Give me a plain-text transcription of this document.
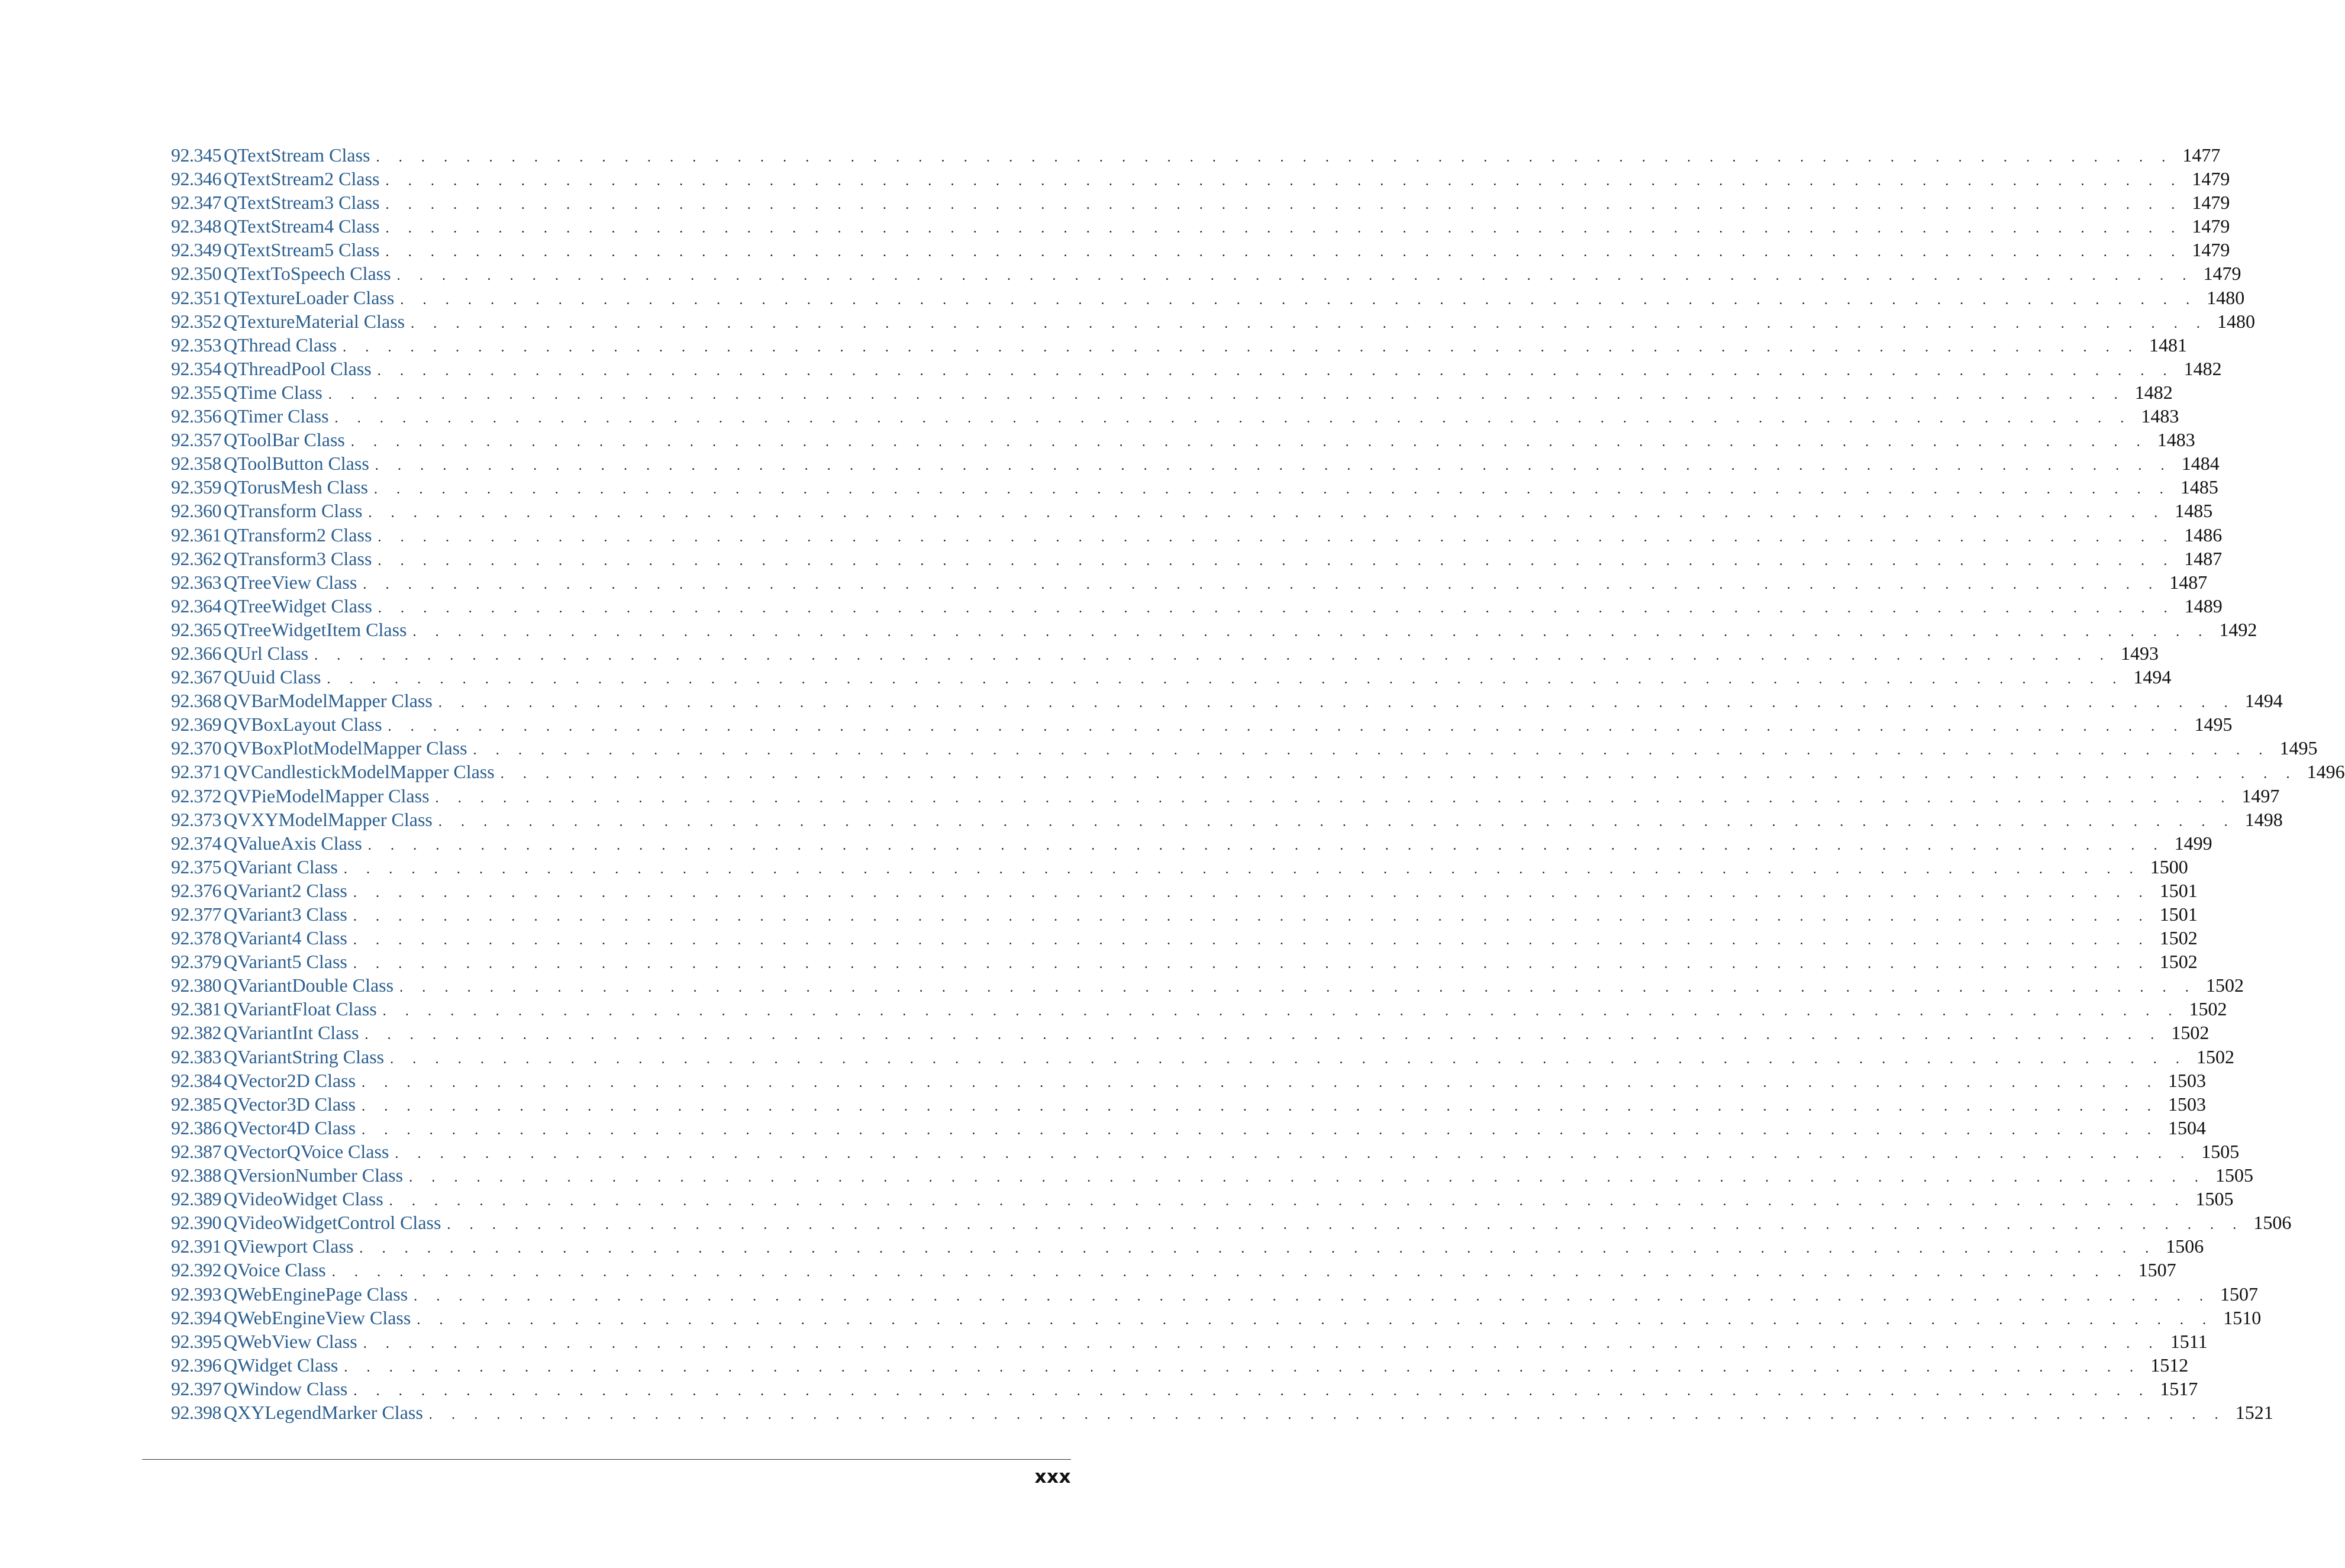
92.345 QTextStream Class . . . . . . . . . . . . . . . . . . . . . . . . . . . . . . . . . . . . . . . . . . . . . . . . . . . . . . . . . . . . . . . . . . . . . . . . . . . . . . . . 1477
92.346 QTextStream2 Class . . . . . . . . . . . . . . . . . . . . . . . . . . . . . . . . . . . . . . . . . . . . . . . . . . . . . . . . . . . . . . . . . . . . . . . . . . . . . . . . 1479
92.347 QTextStream3 Class . . . . . . . . . . . . . . . . . . . . . . . . . . . . . . . . . . . . . . . . . . . . . . . . . . . . . . . . . . . . . . . . . . . . . . . . . . . . . . . . 1479
92.348 QTextStream4 Class . . . . . . . . . . . . . . . . . . . . . . . . . . . . . . . . . . . . . . . . . . . . . . . . . . . . . . . . . . . . . . . . . . . . . . . . . . . . . . . . 1479
92.349 QTextStream5 Class . . . . . . . . . . . . . . . . . . . . . . . . . . . . . . . . . . . . . . . . . . . . . . . . . . . . . . . . . . . . . . . . . . . . . . . . . . . . . . . . 1479
92.350 QTextToSpeech Class . . . . . . . . . . . . . . . . . . . . . . . . . . . . . . . . . . . . . . . . . . . . . . . . . . . . . . . . . . . . . . . . . . . . . . . . . . . . . . . . 1479
92.351 QTextureLoader Class . . . . . . . . . . . . . . . . . . . . . . . . . . . . . . . . . . . . . . . . . . . . . . . . . . . . . . . . . . . . . . . . . . . . . . . . . . . . . . . . 1480
92.352 QTextureMaterial Class . . . . . . . . . . . . . . . . . . . . . . . . . . . . . . . . . . . . . . . . . . . . . . . . . . . . . . . . . . . . . . . . . . . . . . . . . . . . . . . . 1480
92.353 QThread Class . . . . . . . . . . . . . . . . . . . . . . . . . . . . . . . . . . . . . . . . . . . . . . . . . . . . . . . . . . . . . . . . . . . . . . . . . . . . . . . . 1481
92.354 QThreadPool Class . . . . . . . . . . . . . . . . . . . . . . . . . . . . . . . . . . . . . . . . . . . . . . . . . . . . . . . . . . . . . . . . . . . . . . . . . . . . . . . . 1482
92.355 QTime Class . . . . . . . . . . . . . . . . . . . . . . . . . . . . . . . . . . . . . . . . . . . . . . . . . . . . . . . . . . . . . . . . . . . . . . . . . . . . . . . . 1482
92.356 QTimer Class . . . . . . . . . . . . . . . . . . . . . . . . . . . . . . . . . . . . . . . . . . . . . . . . . . . . . . . . . . . . . . . . . . . . . . . . . . . . . . . . 1483
92.357 QToolBar Class . . . . . . . . . . . . . . . . . . . . . . . . . . . . . . . . . . . . . . . . . . . . . . . . . . . . . . . . . . . . . . . . . . . . . . . . . . . . . . . . 1483
92.358 QToolButton Class . . . . . . . . . . . . . . . . . . . . . . . . . . . . . . . . . . . . . . . . . . . . . . . . . . . . . . . . . . . . . . . . . . . . . . . . . . . . . . . . 1484
92.359 QTorusMesh Class . . . . . . . . . . . . . . . . . . . . . . . . . . . . . . . . . . . . . . . . . . . . . . . . . . . . . . . . . . . . . . . . . . . . . . . . . . . . . . . . 1485
92.360 QTransform Class . . . . . . . . . . . . . . . . . . . . . . . . . . . . . . . . . . . . . . . . . . . . . . . . . . . . . . . . . . . . . . . . . . . . . . . . . . . . . . . . 1485
92.361 QTransform2 Class . . . . . . . . . . . . . . . . . . . . . . . . . . . . . . . . . . . . . . . . . . . . . . . . . . . . . . . . . . . . . . . . . . . . . . . . . . . . . . . . 1486
92.362 QTransform3 Class . . . . . . . . . . . . . . . . . . . . . . . . . . . . . . . . . . . . . . . . . . . . . . . . . . . . . . . . . . . . . . . . . . . . . . . . . . . . . . . . 1487
92.363 QTreeView Class . . . . . . . . . . . . . . . . . . . . . . . . . . . . . . . . . . . . . . . . . . . . . . . . . . . . . . . . . . . . . . . . . . . . . . . . . . . . . . . . 1487
92.364 QTreeWidget Class . . . . . . . . . . . . . . . . . . . . . . . . . . . . . . . . . . . . . . . . . . . . . . . . . . . . . . . . . . . . . . . . . . . . . . . . . . . . . . . . 1489
92.365 QTreeWidgetItem Class . . . . . . . . . . . . . . . . . . . . . . . . . . . . . . . . . . . . . . . . . . . . . . . . . . . . . . . . . . . . . . . . . . . . . . . . . . . . . . . . 1492
92.366 QUrl Class . . . . . . . . . . . . . . . . . . . . . . . . . . . . . . . . . . . . . . . . . . . . . . . . . . . . . . . . . . . . . . . . . . . . . . . . . . . . . . . . 1493
92.367 QUuid Class . . . . . . . . . . . . . . . . . . . . . . . . . . . . . . . . . . . . . . . . . . . . . . . . . . . . . . . . . . . . . . . . . . . . . . . . . . . . . . . . 1494
92.368 QVBarModelMapper Class . . . . . . . . . . . . . . . . . . . . . . . . . . . . . . . . . . . . . . . . . . . . . . . . . . . . . . . . . . . . . . . . . . . . . . . . . . . . . . . . 1494
92.369 QVBoxLayout Class . . . . . . . . . . . . . . . . . . . . . . . . . . . . . . . . . . . . . . . . . . . . . . . . . . . . . . . . . . . . . . . . . . . . . . . . . . . . . . . . 1495
92.370 QVBoxPlotModelMapper Class . . . . . . . . . . . . . . . . . . . . . . . . . . . . . . . . . . . . . . . . . . . . . . . . . . . . . . . . . . . . . . . . . . . . . . . . . . . . . . . . 1495
92.371 QVCandlestickModelMapper Class . . . . . . . . . . . . . . . . . . . . . . . . . . . . . . . . . . . . . . . . . . . . . . . . . . . . . . . . . . . . . . . . . . . . . . . . . . . . . . . . 1496
92.372 QVPieModelMapper Class . . . . . . . . . . . . . . . . . . . . . . . . . . . . . . . . . . . . . . . . . . . . . . . . . . . . . . . . . . . . . . . . . . . . . . . . . . . . . . . . 1497
92.373 QVXYModelMapper Class . . . . . . . . . . . . . . . . . . . . . . . . . . . . . . . . . . . . . . . . . . . . . . . . . . . . . . . . . . . . . . . . . . . . . . . . . . . . . . . . 1498
92.374 QValueAxis Class . . . . . . . . . . . . . . . . . . . . . . . . . . . . . . . . . . . . . . . . . . . . . . . . . . . . . . . . . . . . . . . . . . . . . . . . . . . . . . . . 1499
92.375 QVariant Class . . . . . . . . . . . . . . . . . . . . . . . . . . . . . . . . . . . . . . . . . . . . . . . . . . . . . . . . . . . . . . . . . . . . . . . . . . . . . . . . 1500
92.376 QVariant2 Class . . . . . . . . . . . . . . . . . . . . . . . . . . . . . . . . . . . . . . . . . . . . . . . . . . . . . . . . . . . . . . . . . . . . . . . . . . . . . . . . 1501
92.377 QVariant3 Class . . . . . . . . . . . . . . . . . . . . . . . . . . . . . . . . . . . . . . . . . . . . . . . . . . . . . . . . . . . . . . . . . . . . . . . . . . . . . . . . 1501
92.378 QVariant4 Class . . . . . . . . . . . . . . . . . . . . . . . . . . . . . . . . . . . . . . . . . . . . . . . . . . . . . . . . . . . . . . . . . . . . . . . . . . . . . . . . 1502
92.379 QVariant5 Class . . . . . . . . . . . . . . . . . . . . . . . . . . . . . . . . . . . . . . . . . . . . . . . . . . . . . . . . . . . . . . . . . . . . . . . . . . . . . . . . 1502
92.380 QVariantDouble Class . . . . . . . . . . . . . . . . . . . . . . . . . . . . . . . . . . . . . . . . . . . . . . . . . . . . . . . . . . . . . . . . . . . . . . . . . . . . . . . . 1502
92.381 QVariantFloat Class . . . . . . . . . . . . . . . . . . . . . . . . . . . . . . . . . . . . . . . . . . . . . . . . . . . . . . . . . . . . . . . . . . . . . . . . . . . . . . . . 1502
92.382 QVariantInt Class . . . . . . . . . . . . . . . . . . . . . . . . . . . . . . . . . . . . . . . . . . . . . . . . . . . . . . . . . . . . . . . . . . . . . . . . . . . . . . . . 1502
92.383 QVariantString Class . . . . . . . . . . . . . . . . . . . . . . . . . . . . . . . . . . . . . . . . . . . . . . . . . . . . . . . . . . . . . . . . . . . . . . . . . . . . . . . . 1502
92.384 QVector2D Class . . . . . . . . . . . . . . . . . . . . . . . . . . . . . . . . . . . . . . . . . . . . . . . . . . . . . . . . . . . . . . . . . . . . . . . . . . . . . . . . 1503
92.385 QVector3D Class . . . . . . . . . . . . . . . . . . . . . . . . . . . . . . . . . . . . . . . . . . . . . . . . . . . . . . . . . . . . . . . . . . . . . . . . . . . . . . . . 1503
92.386 QVector4D Class . . . . . . . . . . . . . . . . . . . . . . . . . . . . . . . . . . . . . . . . . . . . . . . . . . . . . . . . . . . . . . . . . . . . . . . . . . . . . . . . 1504
92.387 QVectorQVoice Class . . . . . . . . . . . . . . . . . . . . . . . . . . . . . . . . . . . . . . . . . . . . . . . . . . . . . . . . . . . . . . . . . . . . . . . . . . . . . . . . 1505
92.388 QVersionNumber Class . . . . . . . . . . . . . . . . . . . . . . . . . . . . . . . . . . . . . . . . . . . . . . . . . . . . . . . . . . . . . . . . . . . . . . . . . . . . . . . . 1505
92.389 QVideoWidget Class . . . . . . . . . . . . . . . . . . . . . . . . . . . . . . . . . . . . . . . . . . . . . . . . . . . . . . . . . . . . . . . . . . . . . . . . . . . . . . . . 1505
92.390 QVideoWidgetControl Class . . . . . . . . . . . . . . . . . . . . . . . . . . . . . . . . . . . . . . . . . . . . . . . . . . . . . . . . . . . . . . . . . . . . . . . . . . . . . . . . 1506
92.391 QViewport Class . . . . . . . . . . . . . . . . . . . . . . . . . . . . . . . . . . . . . . . . . . . . . . . . . . . . . . . . . . . . . . . . . . . . . . . . . . . . . . . . 1506
92.392 QVoice Class . . . . . . . . . . . . . . . . . . . . . . . . . . . . . . . . . . . . . . . . . . . . . . . . . . . . . . . . . . . . . . . . . . . . . . . . . . . . . . . . 1507
92.393 QWebEnginePage Class . . . . . . . . . . . . . . . . . . . . . . . . . . . . . . . . . . . . . . . . . . . . . . . . . . . . . . . . . . . . . . . . . . . . . . . . . . . . . . . . 1507
92.394 QWebEngineView Class . . . . . . . . . . . . . . . . . . . . . . . . . . . . . . . . . . . . . . . . . . . . . . . . . . . . . . . . . . . . . . . . . . . . . . . . . . . . . . . . 1510
92.395 QWebView Class . . . . . . . . . . . . . . . . . . . . . . . . . . . . . . . . . . . . . . . . . . . . . . . . . . . . . . . . . . . . . . . . . . . . . . . . . . . . . . . . 1511
92.396 QWidget Class . . . . . . . . . . . . . . . . . . . . . . . . . . . . . . . . . . . . . . . . . . . . . . . . . . . . . . . . . . . . . . . . . . . . . . . . . . . . . . . . 1512
92.397 QWindow Class . . . . . . . . . . . . . . . . . . . . . . . . . . . . . . . . . . . . . . . . . . . . . . . . . . . . . . . . . . . . . . . . . . . . . . . . . . . . . . . . 1517
92.398 QXYLegendMarker Class . . . . . . . . . . . . . . . . . . . . . . . . . . . . . . . . . . . . . . . . . . . . . . . . . . . . . . . . . . . . . . . . . . . . . . . . . . . . . . . . 1521
xxx
